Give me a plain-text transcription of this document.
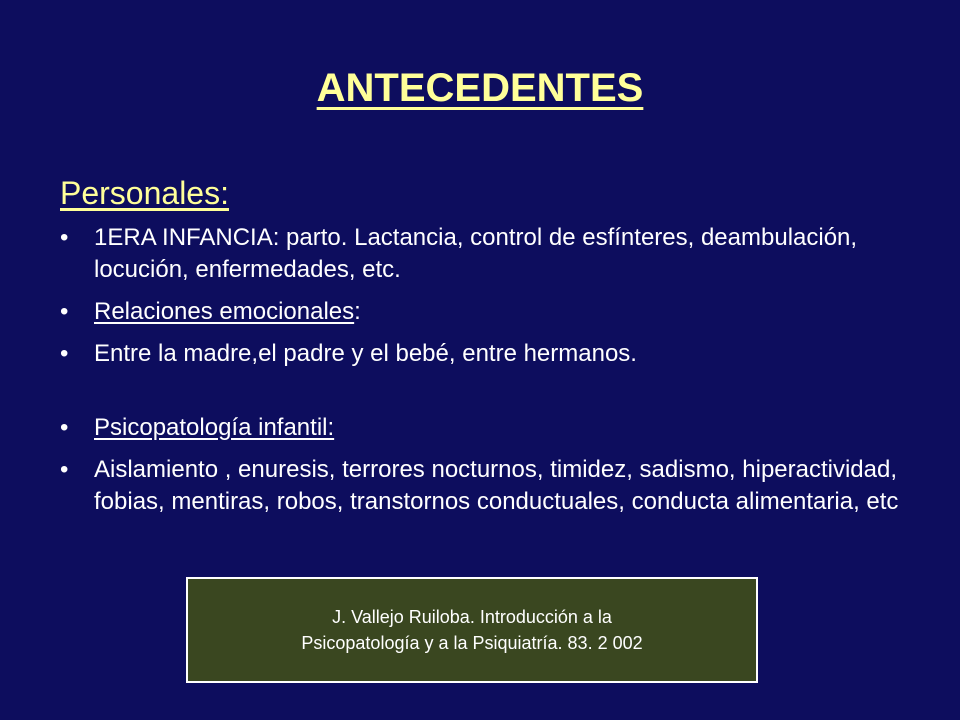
ANTECEDENTES
Personales:
• 1ERA INFANCIA: parto. Lactancia, control de esfínteres, deambulación, locución, enfermedades, etc.
• Relaciones emocionales:
• Entre la madre,el padre y el bebé, entre hermanos.
• Psicopatología infantil:
• Aislamiento , enuresis, terrores nocturnos, timidez, sadismo, hiperactividad, fobias, mentiras, robos, transtornos conductuales, conducta alimentaria, etc
J. Vallejo Ruiloba. Introducción a la
Psicopatología y a la Psiquiatría. 83. 2 002
